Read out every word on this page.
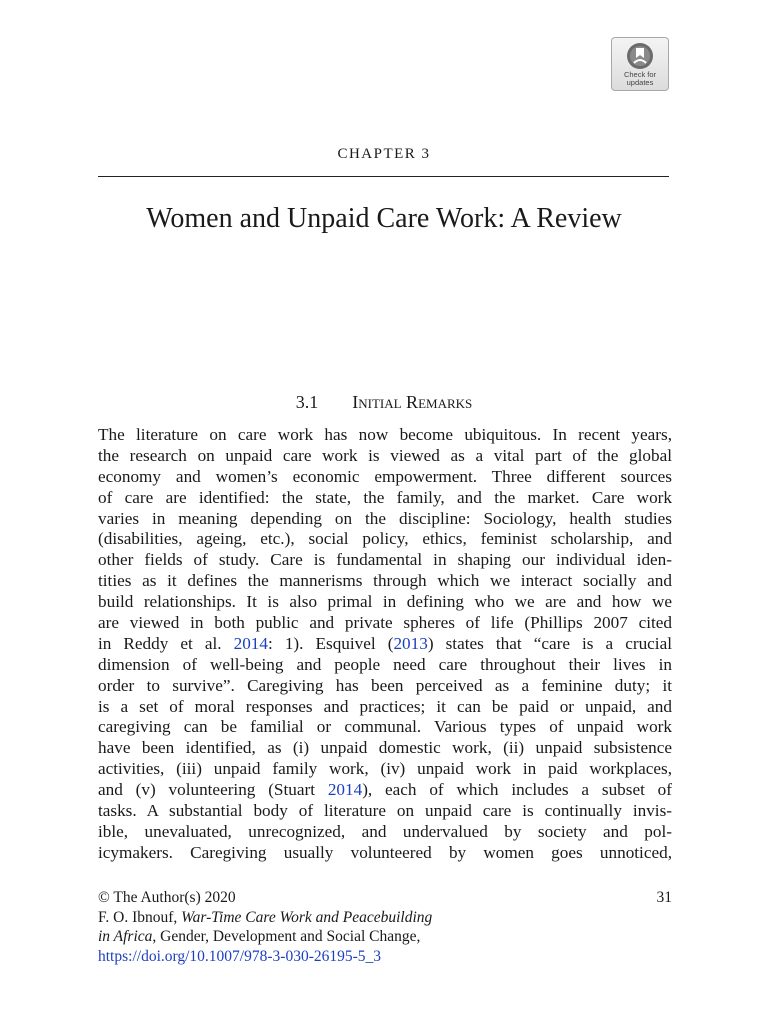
Check for
updates
CHAPTER 3
Women and Unpaid Care Work: A Review
3.1 Initial Remarks
The literature on care work has now become ubiquitous. In recent years,
the research on unpaid care work is viewed as a vital part of the global
economy and women’s economic empowerment. Three different sources
of care are identified: the state, the family, and the market. Care work
varies in meaning depending on the discipline: Sociology, health studies
(disabilities, ageing, etc.), social policy, ethics, feminist scholarship, and
other fields of study. Care is fundamental in shaping our individual iden-
tities as it defines the mannerisms through which we interact socially and
build relationships. It is also primal in defining who we are and how we
are viewed in both public and private spheres of life (Phillips 2007 cited
in Reddy et al. 2014: 1). Esquivel (2013) states that “care is a crucial
dimension of well-being and people need care throughout their lives in
order to survive”. Caregiving has been perceived as a feminine duty; it
is a set of moral responses and practices; it can be paid or unpaid, and
caregiving can be familial or communal. Various types of unpaid work
have been identified, as (i) unpaid domestic work, (ii) unpaid subsistence
activities, (iii) unpaid family work, (iv) unpaid work in paid workplaces,
and (v) volunteering (Stuart 2014), each of which includes a subset of
tasks. A substantial body of literature on unpaid care is continually invis-
ible, unevaluated, unrecognized, and undervalued by society and pol-
icymakers. Caregiving usually volunteered by women goes unnoticed,
© The Author(s) 2020	31
F. O. Ibnouf, War-Time Care Work and Peacebuilding
in Africa, Gender, Development and Social Change,
https://doi.org/10.1007/978-3-030-26195-5_3
